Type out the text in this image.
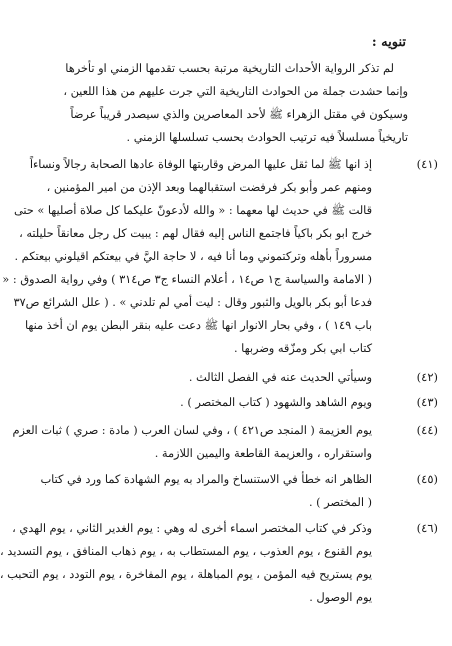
تنويه :
لم تذكر الرواية الأحداث التاريخية مرتبة بحسب تقدمها الزمني او تأخرها
وإنما حشدت جملة من الحوادث التاريخية التي جرت عليهم من هذا اللعين ،
وسيكون في مقتل الزهراء ﷺ لأحد المعاصرين والذي سيصدر قريباً عرضاً
تاريخياً مسلسلاً فيه ترتيب الحوادث بحسب تسلسلها الزمني .
(٤١)
إذ انها ﷺ لما ثقل عليها المرض وقاربتها الوفاة عادها الصحابة رجالاً ونساءاً
ومنهم عمر وأبو بكر فرفضت استقبالهما وبعد الإذن من امير المؤمنين ،
قالت ﷺ في حديث لها معهما : « والله لأدعونّ عليكما كل صلاة أصليها » حتى
خرج ابو بكر باكياً فاجتمع الناس إليه فقال لهم : يبيت كل رجل معانقاً حليلته ،
مسروراً بأهله وتركتموني وما أنا فيه ، لا حاجة اليَّ في بيعتكم اقيلوني بيعتكم .
( الامامة والسياسة ج١ ص١٤ ، أعلام النساء ج٣ ص٣١٤ ) وفي رواية الصدوق : «
فدعا أبو بكر بالويل والثبور وقال : ليت أمي لم تلدني » . ( علل الشرائع ص٣٧
باب ١٤٩ ) ، وفي بحار الانوار انها ﷺ دعت عليه بنقر البطن يوم ان أخذ منها
كتاب ابي بكر ومزّقه وضربها .
(٤٢)
وسيأتي الحديث عنه في الفصل الثالث .
(٤٣)
ويوم الشاهد والشهود ( كتاب المختصر ) .
(٤٤)
يوم العزيمة ( المنجد ص٤٢١ ) ، وفي لسان العرب ( مادة : صري ) ثبات العزم
واستقراره ، والعزيمة القاطعة واليمين اللازمة .
(٤٥)
الظاهر انه خطأ في الاستنساخ والمراد به يوم الشهادة كما ورد في كتاب
( المختصر ) .
(٤٦)
وذكر في كتاب المختصر اسماء أخرى له وهي : يوم الغدير الثاني ، يوم الهدي ،
يوم القنوع ، يوم العذوب ، يوم المستطاب به ، يوم ذهاب المنافق ، يوم التسديد ،
يوم يستريح فيه المؤمن ، يوم المباهلة ، يوم المفاخرة ، يوم التودد ، يوم التحبب ،
يوم الوصول .
